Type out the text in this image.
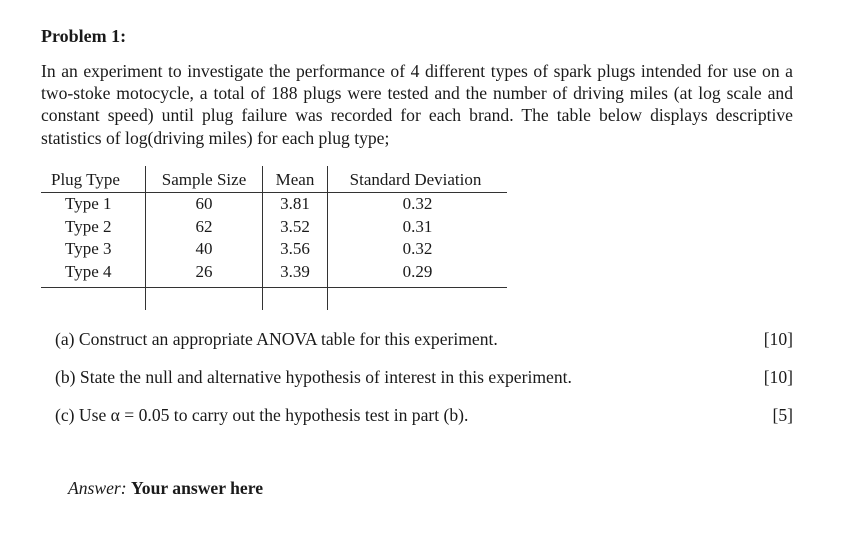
Problem 1:

In an experiment to investigate the performance of 4 different types of spark plugs intended for use on a two-stoke motocycle, a total of 188 plugs were tested and the number of driving miles (at log scale and constant speed) until plug failure was recorded for each brand. The table below displays descriptive statistics of log(driving miles) for each plug type;

Plug Type	Sample Size	Mean	Standard Deviation
Type 1	60	3.81	0.32
Type 2	62	3.52	0.31
Type 3	40	3.56	0.32
Type 4	26	3.39	0.29

(a) Construct an appropriate ANOVA table for this experiment.	[10]
(b) State the null and alternative hypothesis of interest in this experiment.	[10]
(c) Use α = 0.05 to carry out the hypothesis test in part (b).	[5]

Answer: Your answer here
